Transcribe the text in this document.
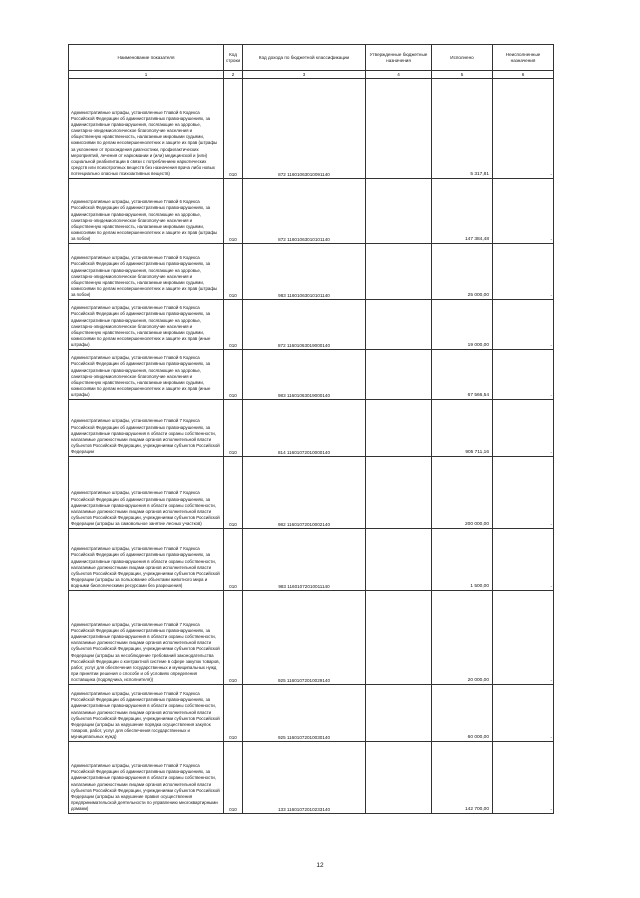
Наименование показателя	Код строки	Код дохода по бюджетной классификации	Утвержденные бюджетные назначения	Исполнено	Неисполненные назначения
1	2	3	4	5	6
Административные штрафы, установленные Главой 6 Кодекса Российской Федерации об административных правонарушениях, за административные правонарушения, посягающие на здоровье, санитарно-эпидемиологическое благополучие населения и общественную нравственность, налагаемые мировыми судьями, комиссиями по делам несовершеннолетних и защите их прав (штрафы за уклонение от прохождения диагностики, профилактических мероприятий, лечения от наркомании и (или) медицинской и (или) социальной реабилитации в связи с потреблением наркотических средств или психотропных веществ без назначения врача либо новых потенциально опасных психоактивных веществ)	010	872 11601063010091140		5 317,81	-
Административные штрафы, установленные Главой 6 Кодекса Российской Федерации об административных правонарушениях, за административные правонарушения, посягающие на здоровье, санитарно-эпидемиологическое благополучие населения и общественную нравственность, налагаемые мировыми судьями, комиссиями по делам несовершеннолетних и защите их прав (штрафы за побои)	010	872 11601063010101140		147 384,48	-
Административные штрафы, установленные Главой 6 Кодекса Российской Федерации об административных правонарушениях, за административные правонарушения, посягающие на здоровье, санитарно-эпидемиологическое благополучие населения и общественную нравственность, налагаемые мировыми судьями, комиссиями по делам несовершеннолетних и защите их прав (штрафы за побои)	010	983 11601063010101140		25 000,00	-
Административные штрафы, установленные Главой 6 Кодекса Российской Федерации об административных правонарушениях, за административные правонарушения, посягающие на здоровье, санитарно-эпидемиологическое благополучие населения и общественную нравственность, налагаемые мировыми судьями, комиссиями по делам несовершеннолетних и защите их прав (иные штрафы)	010	872 11601063019000140		19 000,00	-
Административные штрафы, установленные Главой 6 Кодекса Российской Федерации об административных правонарушениях, за административные правонарушения, посягающие на здоровье, санитарно-эпидемиологическое благополучие населения и общественную нравственность, налагаемые мировыми судьями, комиссиями по делам несовершеннолетних и защите их прав (иные штрафы)	010	983 11601063019000140		67 566,54	-
Административные штрафы, установленные Главой 7 Кодекса Российской Федерации об административных правонарушениях, за административные правонарушения в области охраны собственности, налагаемые должностными лицами органов исполнительной власти субъектов Российской Федерации, учреждениями субъектов Российской Федерации	010	814 11601072010000140		905 711,16	-
Административные штрафы, установленные Главой 7 Кодекса Российской Федерации об административных правонарушениях, за административные правонарушения в области охраны собственности, налагаемые должностными лицами органов исполнительной власти субъектов Российской Федерации, учреждениями субъектов Российской Федерации (штрафы за самовольное занятие лесных участков)	010	982 11601072010002140		200 000,00	-
Административные штрафы, установленные Главой 7 Кодекса Российской Федерации об административных правонарушениях, за административные правонарушения в области охраны собственности, налагаемые должностными лицами органов исполнительной власти субъектов Российской Федерации, учреждениями субъектов Российской Федерации (штрафы за пользование объектами животного мира и водными биологическими ресурсами без разрешения)	010	983 11601072010011140		1 500,00	-
Административные штрафы, установленные Главой 7 Кодекса Российской Федерации об административных правонарушениях, за административные правонарушения в области охраны собственности, налагаемые должностными лицами органов исполнительной власти субъектов Российской Федерации, учреждениями субъектов Российской Федерации (штрафы за несоблюдение требований законодательства Российской Федерации о контрактной системе в сфере закупок товаров, работ, услуг для обеспечения государственных и муниципальных нужд при принятии решения о способе и об условиях определения поставщика (подрядчика, исполнителя))	010	925 11601072010029140		20 000,00	-
Административные штрафы, установленные Главой 7 Кодекса Российской Федерации об административных правонарушениях, за административные правонарушения в области охраны собственности, налагаемые должностными лицами органов исполнительной власти субъектов Российской Федерации, учреждениями субъектов Российской Федерации (штрафы за нарушение порядка осуществления закупок товаров, работ, услуг для обеспечения государственных и муниципальных нужд)	010	925 11601072010030140		60 000,00	-
Административные штрафы, установленные Главой 7 Кодекса Российской Федерации об административных правонарушениях, за административные правонарушения в области охраны собственности, налагаемые должностными лицами органов исполнительной власти субъектов Российской Федерации, учреждениями субъектов Российской Федерации (штрафы за нарушение правил осуществления предпринимательской деятельности по управлению многоквартирными домами)	010	133 11601072010233140		142 700,00	-
12
